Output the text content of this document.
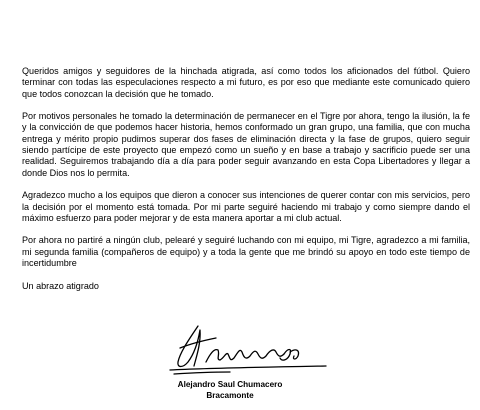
Queridos amigos y seguidores de la hinchada atigrada, así como todos los aficionados del fútbol. Quiero terminar con todas las especulaciones respecto a mi futuro, es por eso que mediante este comunicado quiero que todos conozcan la decisión que he tomado.

Por motivos personales he tomado la determinación de permanecer en el Tigre por ahora, tengo la ilusión, la fe y la convicción de que podemos hacer historia, hemos conformado un gran grupo, una familia, que con mucha entrega y mérito propio pudimos superar dos fases de eliminación directa y la fase de grupos, quiero seguir siendo partícipe de este proyecto que empezó como un sueño y en base a trabajo y sacrificio puede ser una realidad. Seguiremos trabajando día a día para poder seguir avanzando en esta Copa Libertadores y llegar a donde Dios nos lo permita.

Agradezco mucho a los equipos que dieron a conocer sus intenciones de querer contar con mis servicios, pero la decisión por el momento está tomada. Por mi parte seguiré haciendo mi trabajo y como siempre dando el máximo esfuerzo para poder mejorar y de esta manera aportar a mi club actual.

Por ahora no partiré a ningún club, pelearé y seguiré luchando con mi equipo, mi Tigre, agradezco a mi familia, mi segunda familia (compañeros de equipo) y a toda la gente que me brindó su apoyo en todo este tiempo de incertidumbre

Un abrazo atigrado

Alejandro Saul Chumacero
Bracamonte
